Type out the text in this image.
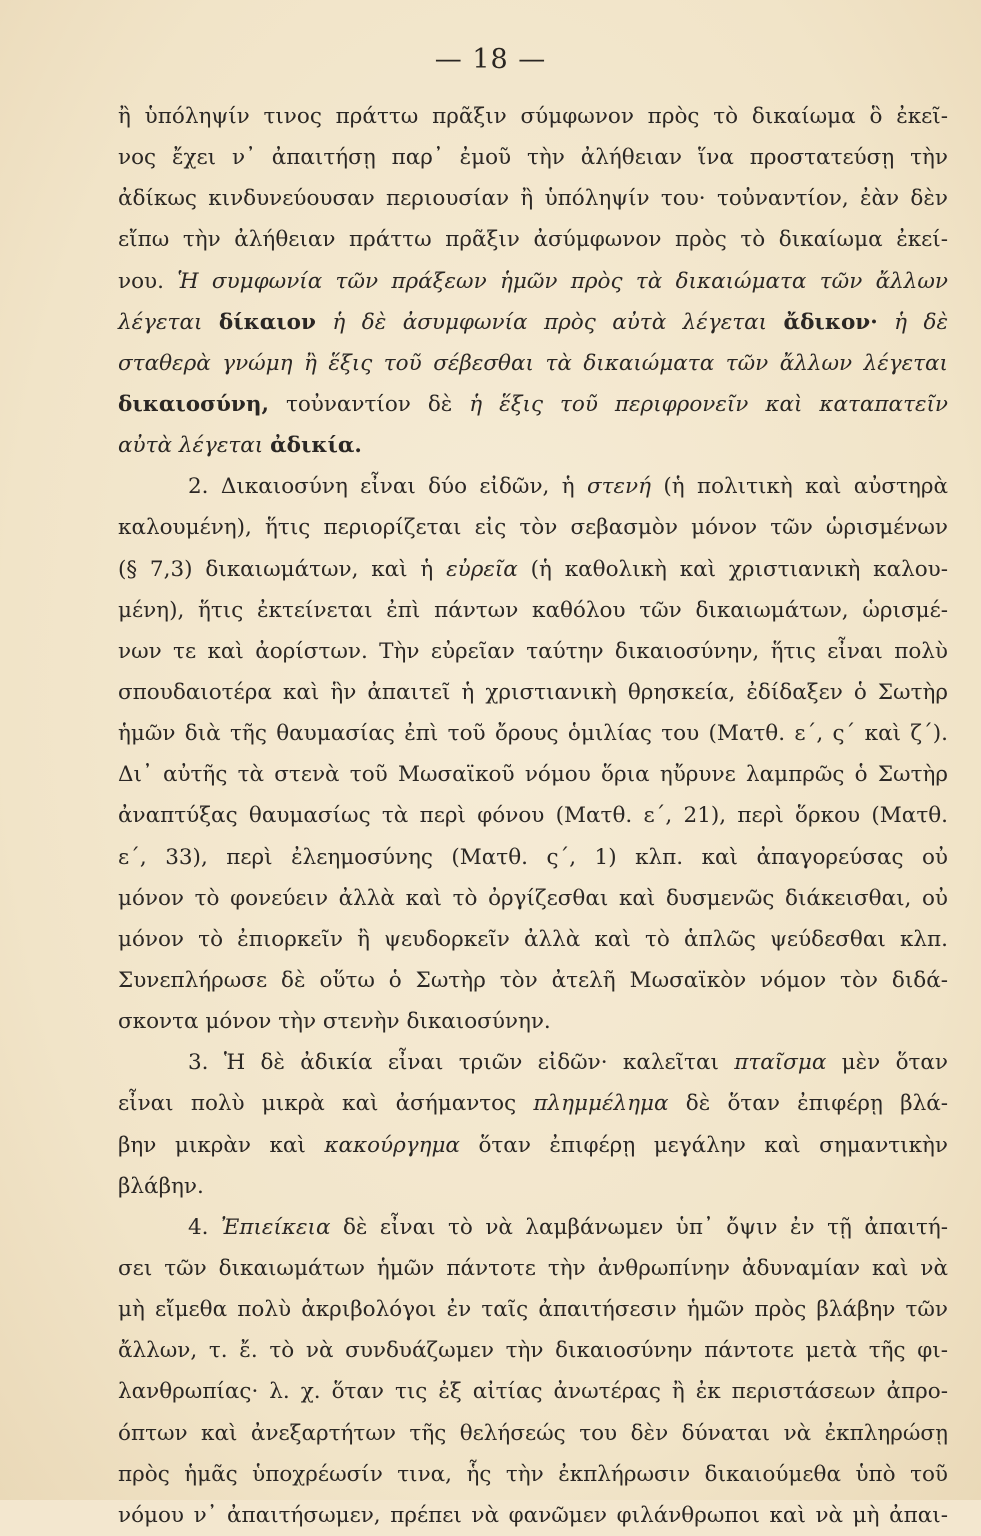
— 18 —
ἢ ὑπόληψίν τινος πράττω πρᾶξιν σύμφωνον πρὸς τὸ δικαίωμα ὃ ἐκεῖ-
νος ἔχει ν᾽ ἀπαιτήσῃ παρ᾽ ἐμοῦ τὴν ἀλήθειαν ἵνα προστατεύσῃ τὴν
ἀδίκως κινδυνεύουσαν περιουσίαν ἢ ὑπόληψίν του· τοὐναντίον, ἐὰν δὲν
εἴπω τὴν ἀλήθειαν πράττω πρᾶξιν ἀσύμφωνον πρὸς τὸ δικαίωμα ἐκεί-
νου. Ἡ συμφωνία τῶν πράξεων ἡμῶν πρὸς τὰ δικαιώματα τῶν ἄλλων
λέγεται δίκαιον ἡ δὲ ἀσυμφωνία πρὸς αὐτὰ λέγεται ἄδικον· ἡ δὲ
σταθερὰ γνώμη ἢ ἕξις τοῦ σέβεσθαι τὰ δικαιώματα τῶν ἄλλων λέγεται
δικαιοσύνη, τοὐναντίον δὲ ἡ ἕξις τοῦ περιφρονεῖν καὶ καταπατεῖν
αὐτὰ λέγεται ἀδικία.
2. Δικαιοσύνη εἶναι δύο εἰδῶν, ἡ στενή (ἡ πολιτικὴ καὶ αὐστηρὰ
καλουμένη), ἥτις περιορίζεται εἰς τὸν σεβασμὸν μόνον τῶν ὡρισμένων
(§ 7,3) δικαιωμάτων, καὶ ἡ εὐρεῖα (ἡ καθολικὴ καὶ χριστιανικὴ καλου-
μένη), ἥτις ἐκτείνεται ἐπὶ πάντων καθόλου τῶν δικαιωμάτων, ὡρισμέ-
νων τε καὶ ἀορίστων. Τὴν εὐρεῖαν ταύτην δικαιοσύνην, ἥτις εἶναι πολὺ
σπουδαιοτέρα καὶ ἣν ἀπαιτεῖ ἡ χριστιανικὴ θρησκεία, ἐδίδαξεν ὁ Σωτὴρ
ἡμῶν διὰ τῆς θαυμασίας ἐπὶ τοῦ ὄρους ὁμιλίας του (Ματθ. ε΄, ς΄ καὶ ζ΄).
Δι᾽ αὐτῆς τὰ στενὰ τοῦ Μωσαϊκοῦ νόμου ὅρια ηὔρυνε λαμπρῶς ὁ Σωτὴρ
ἀναπτύξας θαυμασίως τὰ περὶ φόνου (Ματθ. ε΄, 21), περὶ ὅρκου (Ματθ.
ε΄, 33), περὶ ἐλεημοσύνης (Ματθ. ς΄, 1) κλπ. καὶ ἀπαγορεύσας οὐ
μόνον τὸ φονεύειν ἀλλὰ καὶ τὸ ὀργίζεσθαι καὶ δυσμενῶς διάκεισθαι, οὐ
μόνον τὸ ἐπιορκεῖν ἢ ψευδορκεῖν ἀλλὰ καὶ τὸ ἁπλῶς ψεύδεσθαι κλπ.
Συνεπλήρωσε δὲ οὕτω ὁ Σωτὴρ τὸν ἀτελῆ Μωσαϊκὸν νόμον τὸν διδά-
σκοντα μόνον τὴν στενὴν δικαιοσύνην.
3. Ἡ δὲ ἀδικία εἶναι τριῶν εἰδῶν· καλεῖται πταῖσμα μὲν ὅταν
εἶναι πολὺ μικρὰ καὶ ἀσήμαντος πλημμέλημα δὲ ὅταν ἐπιφέρῃ βλά-
βην μικρὰν καὶ κακούργημα ὅταν ἐπιφέρῃ μεγάλην καὶ σημαντικὴν
βλάβην.
4. Ἐπιείκεια δὲ εἶναι τὸ νὰ λαμβάνωμεν ὑπ᾽ ὄψιν ἐν τῇ ἀπαιτή-
σει τῶν δικαιωμάτων ἡμῶν πάντοτε τὴν ἀνθρωπίνην ἀδυναμίαν καὶ νὰ
μὴ εἴμεθα πολὺ ἀκριβολόγοι ἐν ταῖς ἀπαιτήσεσιν ἡμῶν πρὸς βλάβην τῶν
ἄλλων, τ. ἔ. τὸ νὰ συνδυάζωμεν τὴν δικαιοσύνην πάντοτε μετὰ τῆς φι-
λανθρωπίας· λ. χ. ὅταν τις ἐξ αἰτίας ἀνωτέρας ἢ ἐκ περιστάσεων ἀπρο-
όπτων καὶ ἀνεξαρτήτων τῆς θελήσεώς του δὲν δύναται νὰ ἐκπληρώσῃ
πρὸς ἡμᾶς ὑποχρέωσίν τινα, ἧς τὴν ἐκπλήρωσιν δικαιούμεθα ὑπὸ τοῦ
νόμου ν᾽ ἀπαιτήσωμεν, πρέπει νὰ φανῶμεν φιλάνθρωποι καὶ νὰ μὴ ἀπαι-
